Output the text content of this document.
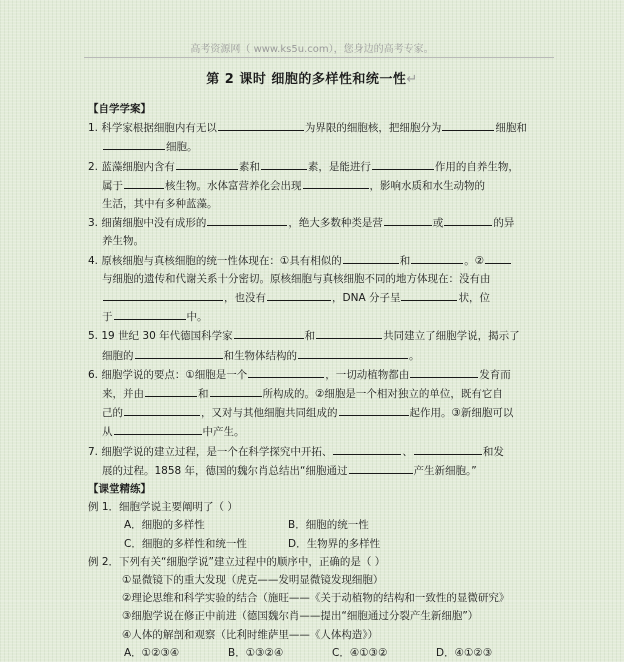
高考资源网（ www.ks5u.com），您身边的高考专家。
第 2 课时 细胞的多样性和统一性↵

【自学学案】

1. 科学家根据细胞内有无以	为界限的细胞核，把细胞分为	细胞和

细胞。

2. 蓝藻细胞内含有	素和	素，是能进行	作用的自养生物，

属于	核生物。水体富营养化会出现	，影响水质和水生动物的

生活，其中有多种蓝藻。

3. 细菌细胞中没有成形的	，绝大多数种类是营	或	的异

养生物。

4. 原核细胞与真核细胞的统一性体现在：①具有相似的	和	。②

与细胞的遗传和代谢关系十分密切。原核细胞与真核细胞不同的地方体现在：没有由

，也没有	，DNA 分子呈	状，位

于	中。

5. 19 世纪 30 年代德国科学家	和	共同建立了细胞学说，揭示了

细胞的	和生物体结构的	。

6. 细胞学说的要点：①细胞是一个	，一切动植物都由	发育而

来，并由	和	所构成的。②细胞是一个相对独立的单位，既有它自

己的	，又对与其他细胞共同组成的	起作用。③新细胞可以

从	中产生。

7. 细胞学说的建立过程，是一个在科学探究中开拓、	、	和发

展的过程。1858 年，德国的魏尔肖总结出“细胞通过	产生新细胞。”

【课堂精练】

例 1．细胞学说主要阐明了（ ）

A．细胞的多样性	B．细胞的统一性

C．细胞的多样性和统一性	D．生物界的多样性

例 2．下列有关“细胞学说”建立过程中的顺序中，正确的是（ ）

①显微镜下的重大发现（虎克——发明显微镜发现细胞）

②理论思维和科学实验的结合（施旺——《关于动植物的结构和一致性的显微研究》

③细胞学说在修正中前进（德国魏尔肖——提出“细胞通过分裂产生新细胞”）

④人体的解剖和观察（比利时维萨里——《人体构造》）

A．①②③④	B．①③②④	C．④①③②	D．④①②③
